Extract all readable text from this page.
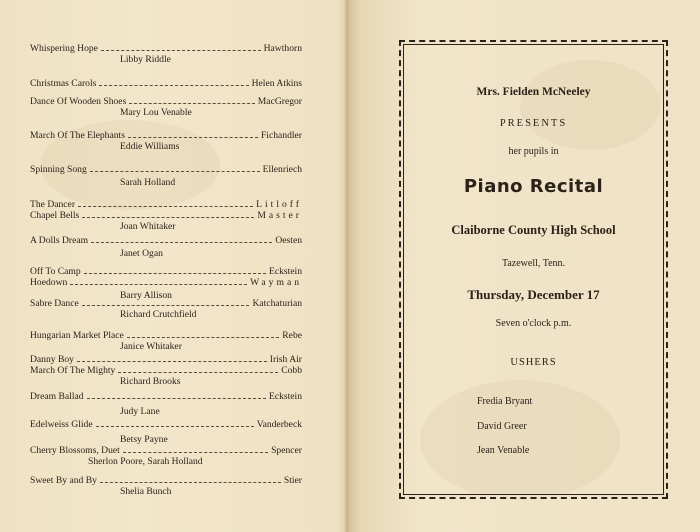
Whispering Hope	Hawthorn
Libby Riddle
Christmas Carols	Helen Atkins
Dance Of Wooden Shoes	MacGregor
Mary Lou Venable
March Of The Elephants	Fichandler
Eddie Williams
Spinning Song	Ellenriech
Sarah Holland
The Dancer	Litloff
Chapel Bells	Master
Joan Whitaker
A Dolls Dream	Oesten
Janet Ogan
Off To Camp	Eckstein
Hoedown	Wayman
Barry Allison
Sabre Dance	Katchaturian
Richard Crutchfield
Hungarian Market Place	Rebe
Janice Whitaker
Danny Boy	Irish Air
March Of The Mighty	Cobb
Richard Brooks
Dream Ballad	Eckstein
Judy Lane
Edelweiss Glide	Vanderbeck
Betsy Payne
Cherry Blossoms, Duet	Spencer
Sherlon Poore, Sarah Holland
Sweet By and By	Stier
Shelia Bunch
Mrs. Fielden McNeeley
PRESENTS
her pupils in
Piano Recital
Claiborne County High School
Tazewell, Tenn.
Thursday, December 17
Seven o'clock p.m.
USHERS
Fredia Bryant
David Greer
Jean Venable
